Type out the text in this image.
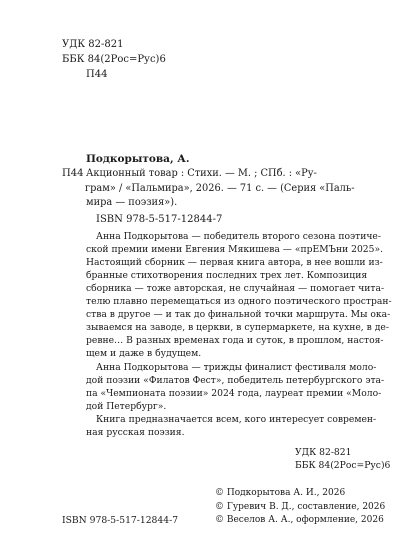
УДК 82-821
ББК 84(2Рос=Рус)6
П44
Подкорытова, А.
П44 Акционный товар : Стихи. — М. ; СПб. : «Ру-
грам» / «Пальмира», 2026. — 71 с. — (Серия «Паль-
мира — поэзия»).
ISBN 978-5-517-12844-7
Анна Подкорытова — победитель второго сезона поэтиче-
ской премии имени Евгения Мякишева — «прЕМЪни 2025».
Настоящий сборник — первая книга автора, в нее вошли из-
бранные стихотворения последних трех лет. Композиция
сборника — тоже авторская, не случайная — помогает чита-
телю плавно перемещаться из одного поэтического простран-
ства в другое — и так до финальной точки маршрута. Мы ока-
зываемся на заводе, в церкви, в супермаркете, на кухне, в де-
ревне… В разных временах года и суток, в прошлом, настоя-
щем и даже в будущем.
Анна Подкорытова — трижды финалист фестиваля моло-
дой поэзии «Филатов Фест», победитель петербургского эта-
па «Чемпионата поэзии» 2024 года, лауреат премии «Моло-
дой Петербург».
Книга предназначается всем, кого интересует современ-
ная русская поэзия.
УДК 82-821
ББК 84(2Рос=Рус)6
ISBN 978-5-517-12844-7
© Подкорытова А. И., 2026
© Гуревич В. Д., составление, 2026
© Веселов А. А., оформление, 2026
